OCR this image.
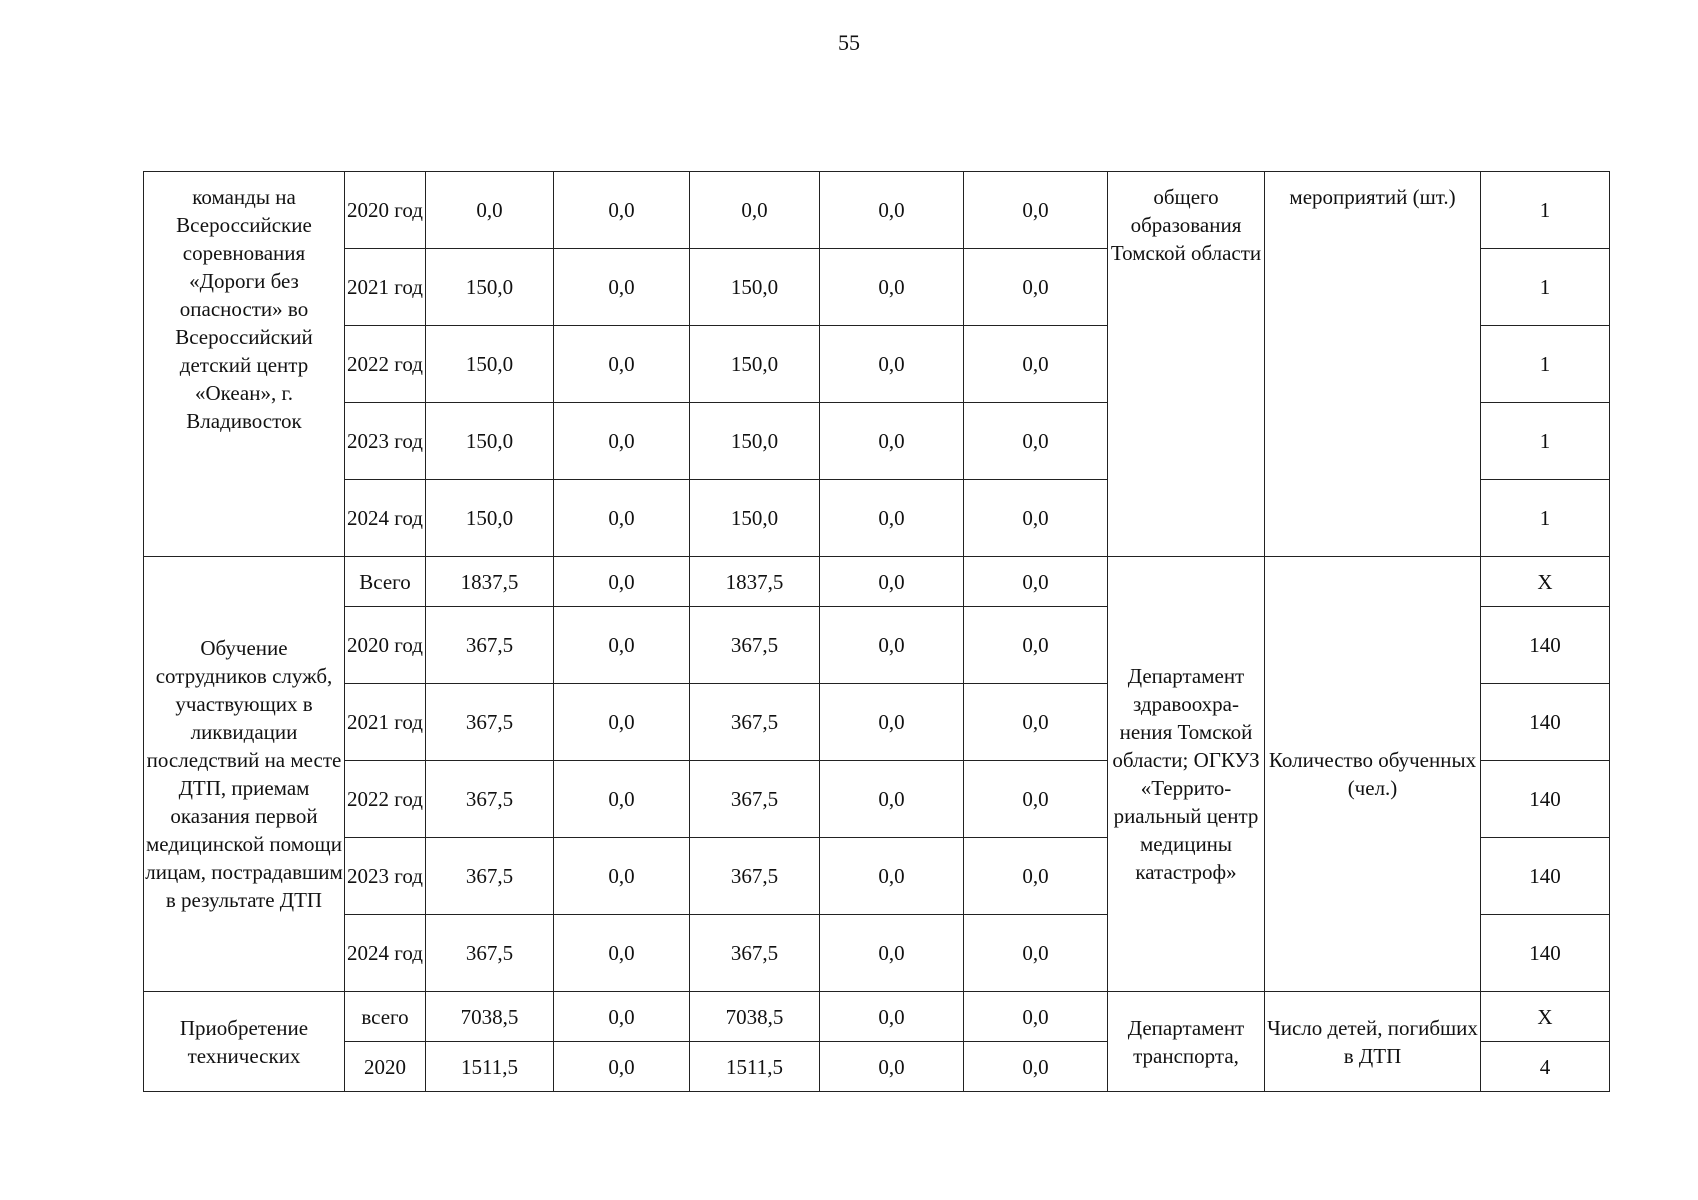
55
команды на Всероссийские соревнования «Дороги без опасности» во Всероссийский детский центр «Океан», г. Владивосток	2020 год	0,0	0,0	0,0	0,0	0,0	общего образования Томской области	мероприятий (шт.)	1
	2021 год	150,0	0,0	150,0	0,0	0,0			1
	2022 год	150,0	0,0	150,0	0,0	0,0			1
	2023 год	150,0	0,0	150,0	0,0	0,0			1
	2024 год	150,0	0,0	150,0	0,0	0,0			1
Обучение сотрудников служб, участвующих в ликвидации последствий на месте ДТП, приемам оказания первой медицинской помощи лицам, пострадавшим в результате ДТП	Всего	1837,5	0,0	1837,5	0,0	0,0	Департамент здравоохра-нения Томской области; ОГКУЗ «Террито-риальный центр медицины катастроф»	Количество обученных (чел.)	X
	2020 год	367,5	0,0	367,5	0,0	0,0			140
	2021 год	367,5	0,0	367,5	0,0	0,0			140
	2022 год	367,5	0,0	367,5	0,0	0,0			140
	2023 год	367,5	0,0	367,5	0,0	0,0			140
	2024 год	367,5	0,0	367,5	0,0	0,0			140
Приобретение технических	всего	7038,5	0,0	7038,5	0,0	0,0	Департамент транспорта,	Число детей, погибших в ДТП	X
	2020	1511,5	0,0	1511,5	0,0	0,0			4
